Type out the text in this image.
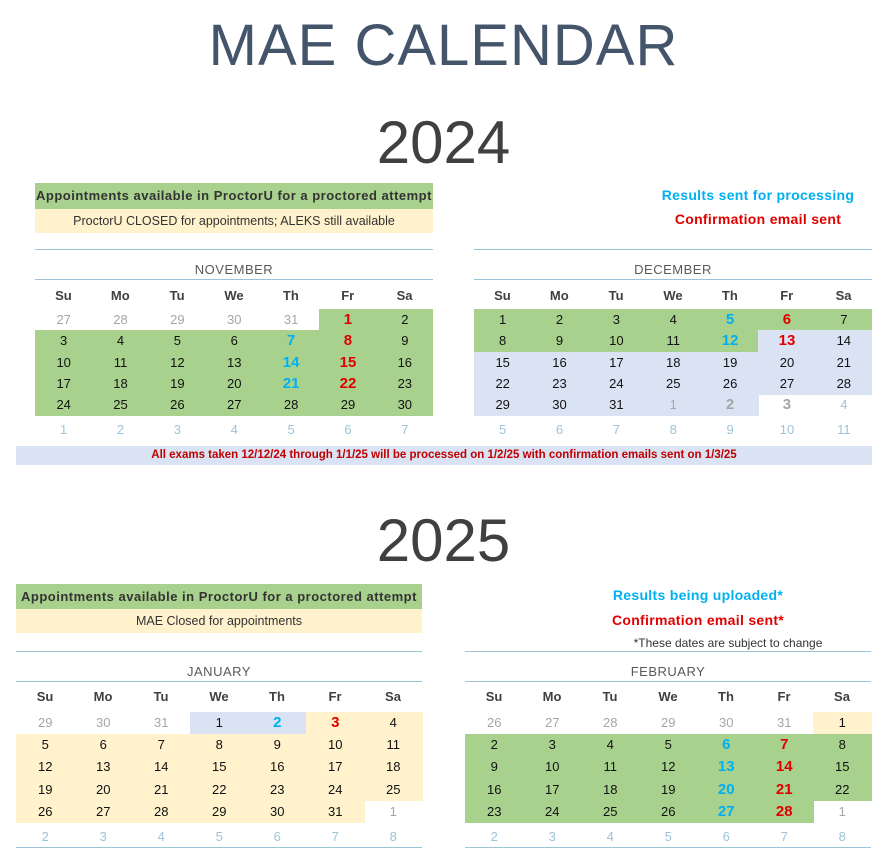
MAE CALENDAR
2024
Appointments available in ProctorU for a proctored attempt
ProctorU CLOSED for appointments; ALEKS still available
Results sent for processing
Confirmation email sent
NOVEMBER
Su	Mo	Tu	We	Th	Fr	Sa
27	28	29	30	31	1	2
3	4	5	6	7	8	9
10	11	12	13	14	15	16
17	18	19	20	21	22	23
24	25	26	27	28	29	30
1	2	3	4	5	6	7
DECEMBER
Su	Mo	Tu	We	Th	Fr	Sa
1	2	3	4	5	6	7
8	9	10	11	12	13	14
15	16	17	18	19	20	21
22	23	24	25	26	27	28
29	30	31	1	2	3	4
5	6	7	8	9	10	11
All exams taken 12/12/24 through 1/1/25 will be processed on 1/2/25 with confirmation emails sent on 1/3/25
2025
Appointments available in ProctorU for a proctored attempt
MAE Closed for appointments
Results being uploaded*
Confirmation email sent*
*These dates are subject to change
JANUARY
Su	Mo	Tu	We	Th	Fr	Sa
29	30	31	1	2	3	4
5	6	7	8	9	10	11
12	13	14	15	16	17	18
19	20	21	22	23	24	25
26	27	28	29	30	31	1
2	3	4	5	6	7	8
FEBRUARY
Su	Mo	Tu	We	Th	Fr	Sa
26	27	28	29	30	31	1
2	3	4	5	6	7	8
9	10	11	12	13	14	15
16	17	18	19	20	21	22
23	24	25	26	27	28	1
2	3	4	5	6	7	8
